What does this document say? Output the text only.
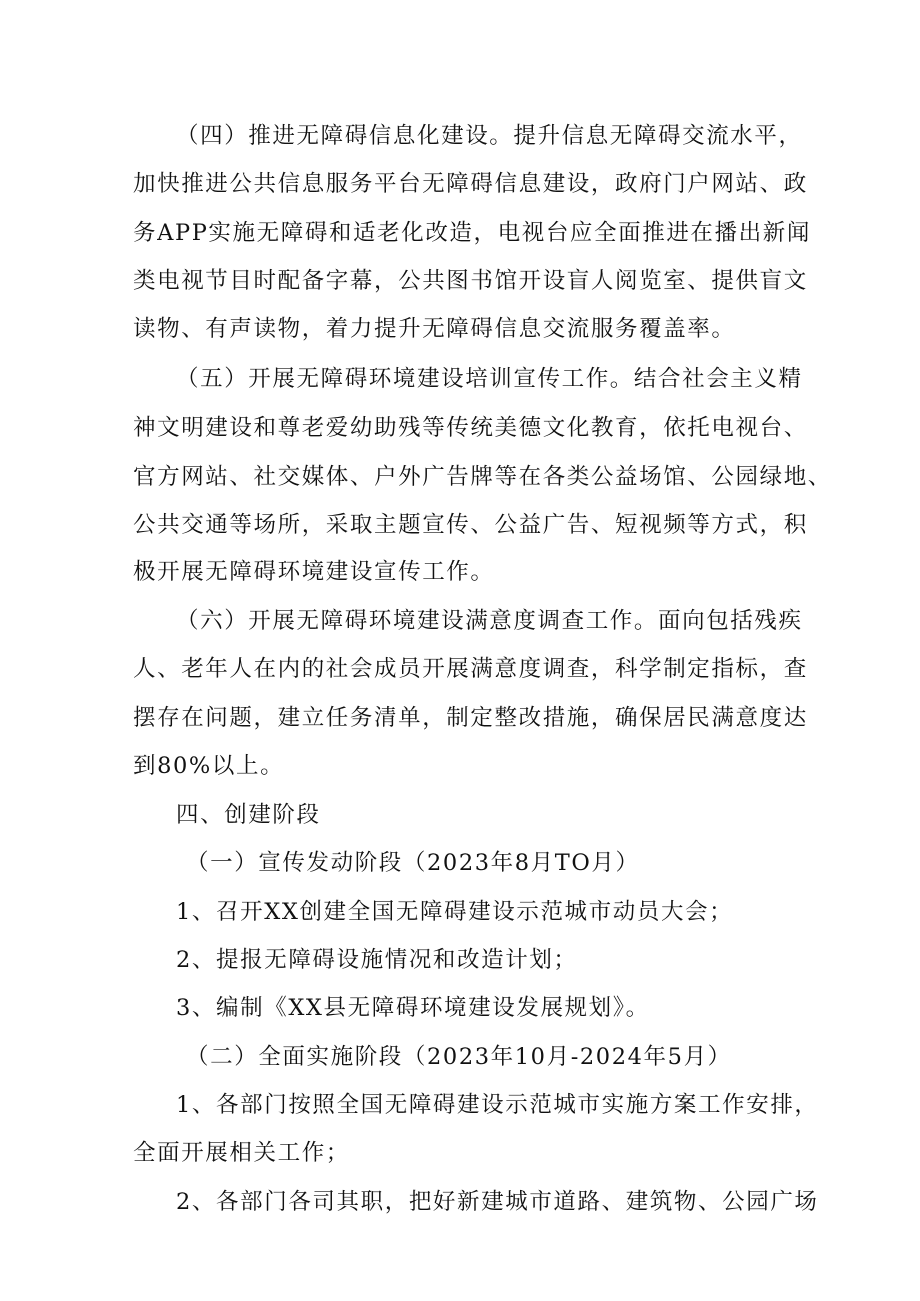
（四）推进无障碍信息化建设。提升信息无障碍交流水平，
加快推进公共信息服务平台无障碍信息建设，政府门户网站、政
务APP实施无障碍和适老化改造，电视台应全面推进在播出新闻
类电视节目时配备字幕，公共图书馆开设盲人阅览室、提供盲文
读物、有声读物，着力提升无障碍信息交流服务覆盖率。
（五）开展无障碍环境建设培训宣传工作。结合社会主义精
神文明建设和尊老爱幼助残等传统美德文化教育，依托电视台、
官方网站、社交媒体、户外广告牌等在各类公益场馆、公园绿地、
公共交通等场所，采取主题宣传、公益广告、短视频等方式，积
极开展无障碍环境建设宣传工作。
（六）开展无障碍环境建设满意度调查工作。面向包括残疾
人、老年人在内的社会成员开展满意度调查，科学制定指标，查
摆存在问题，建立任务清单，制定整改措施，确保居民满意度达
到80%以上。
四、创建阶段
（一）宣传发动阶段（2023年8月TO月）
1、召开XX创建全国无障碍建设示范城市动员大会；
2、提报无障碍设施情况和改造计划；
3、编制《XX县无障碍环境建设发展规划》。
（二）全面实施阶段（2023年10月-2024年5月）
1、各部门按照全国无障碍建设示范城市实施方案工作安排，
全面开展相关工作；
2、各部门各司其职，把好新建城市道路、建筑物、公园广场
